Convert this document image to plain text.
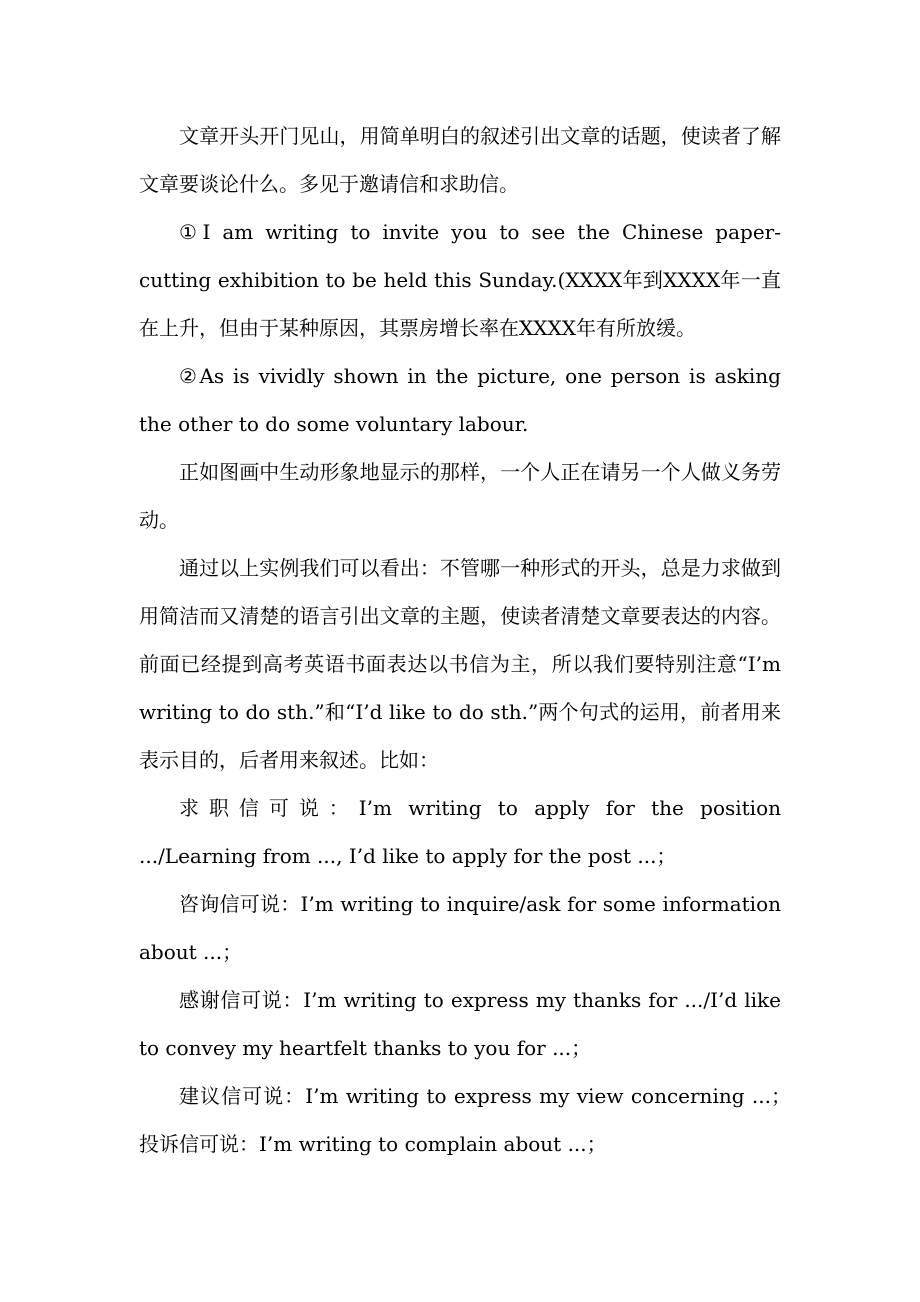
文章开头开门见山，用简单明白的叙述引出文章的话题，使读者了解文章要谈论什么。多见于邀请信和求助信。

①I am writing to invite you to see the Chinese paper-cutting exhibition to be held this Sunday.(XXXX年到XXXX年一直在上升，但由于某种原因，其票房增长率在XXXX年有所放缓。

②As is vividly shown in the picture, one person is asking the other to do some voluntary labour.

正如图画中生动形象地显示的那样，一个人正在请另一个人做义务劳动。

通过以上实例我们可以看出：不管哪一种形式的开头，总是力求做到用简洁而又清楚的语言引出文章的主题，使读者清楚文章要表达的内容。前面已经提到高考英语书面表达以书信为主，所以我们要特别注意“I’m writing to do sth.”和“I’d like to do sth.”两个句式的运用，前者用来表示目的，后者用来叙述。比如：

求职信可说：I’m writing to apply for the position .../Learning from ..., I’d like to apply for the post ...；

咨询信可说：I’m writing to inquire/ask for some information about ...；

感谢信可说：I’m writing to express my thanks for .../I’d like to convey my heartfelt thanks to you for ...；

建议信可说：I’m writing to express my view concerning ...；　投诉信可说：I’m writing to complain about ...；
